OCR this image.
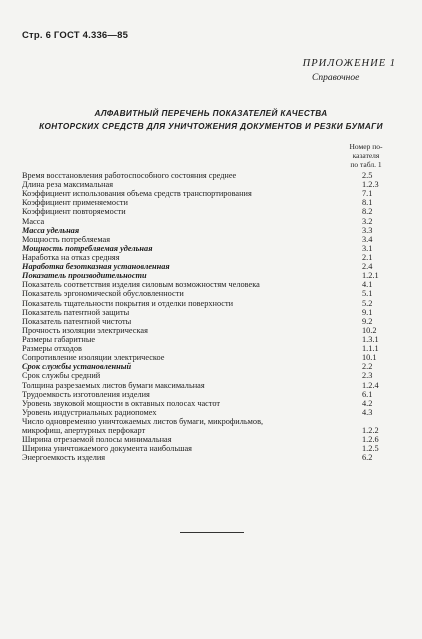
Стр. 6 ГОСТ 4.336—85
ПРИЛОЖЕНИЕ 1
Справочное
АЛФАВИТНЫЙ ПЕРЕЧЕНЬ ПОКАЗАТЕЛЕЙ КАЧЕСТВА
КОНТОРСКИХ СРЕДСТВ ДЛЯ УНИЧТОЖЕНИЯ ДОКУМЕНТОВ И РЕЗКИ БУМАГИ
Номер по-
казателя
по табл. 1
Время восстановления работоспособного состояния среднее	2.5
Длина реза максимальная	1.2.3
Коэффициент использования объема средств транспортирования	7.1
Коэффициент применяемости	8.1
Коэффициент повторяемости	8.2
Масса	3.2
Масса удельная	3.3
Мощность потребляемая	3.4
Мощность потребляемая удельная	3.1
Наработка на отказ средняя	2.1
Наработка безотказная установленная	2.4
Показатель производительности	1.2.1
Показатель соответствия изделия силовым возможностям человека	4.1
Показатель эргономической обусловленности	5.1
Показатель тщательности покрытия и отделки поверхности	5.2
Показатель патентной защиты	9.1
Показатель патентной чистоты	9.2
Прочность изоляции электрическая	10.2
Размеры габаритные	1.3.1
Размеры отходов	1.1.1
Сопротивление изоляции электрическое	10.1
Срок службы установленный	2.2
Срок службы средний	2.3
Толщина разрезаемых листов бумаги максимальная	1.2.4
Трудоемкость изготовления изделия	6.1
Уровень звуковой мощности в октавных полосах частот	4.2
Уровень индустриальных радиопомех	4.3
Число одновременно уничтожаемых листов бумаги, микрофильмов,
микрофиш, апертурных перфокарт	1.2.2
Ширина отрезаемой полосы минимальная	1.2.6
Ширина уничтожаемого документа наибольшая	1.2.5
Энергоемкость изделия	6.2
